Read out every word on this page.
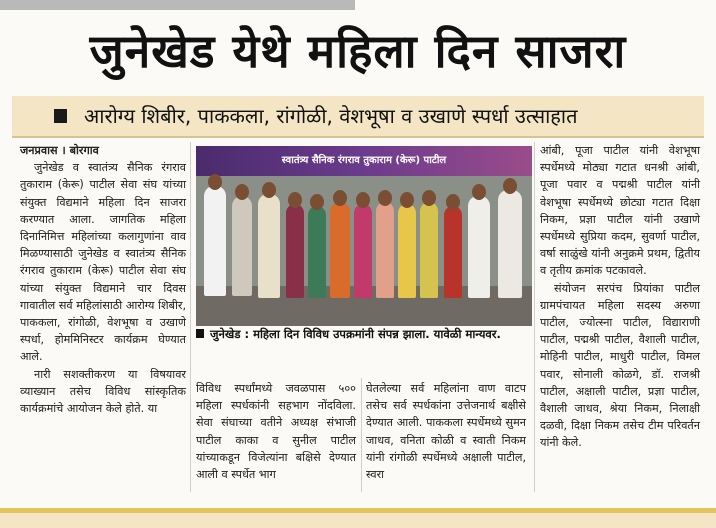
जुनेखेड येथे महिला दिन साजरा
आरोग्य शिबीर, पाककला, रांगोळी, वेशभूषा व उखाणे स्पर्धा उत्साहात

जनप्रवास । बोरगाव

जुनेखेड व स्वातंत्र्य सैनिक रंगराव तुकाराम (केरू) पाटील सेवा संघ यांच्या संयुक्त विद्यमाने महिला दिन साजरा करण्यात आला. जागतिक महिला दिनानिमित्त महिलांच्या कलागुणांना वाव मिळण्यासाठी जुनेखेड व स्वातंत्र्य सैनिक रंगराव तुकाराम (केरू) पाटील सेवा संघ यांच्या संयुक्त विद्यमाने चार दिवस गावातील सर्व महिलांसाठी आरोग्य शिबीर, पाककला, रांगोळी, वेशभूषा व उखाणे स्पर्धा, होममिनिस्टर कार्यक्रम घेण्यात आले.

नारी सशक्तीकरण या विषयावर व्याख्यान तसेच विविध सांस्कृतिक कार्यक्रमांचे आयोजन केले होते. या

स्वातंत्र्य सैनिक रंगराव तुकाराम (केरू) पाटील
जुनेखेड : महिला दिन विविध उपक्रमांनी संपन्न झाला. यावेळी मान्यवर.

विविध स्पर्धांमध्ये जवळपास ५०० महिला स्पर्धकांनी सहभाग नोंदविला. सेवा संघाच्या वतीने अध्यक्ष संभाजी पाटील काका व सुनील पाटील यांच्याकडून विजेत्यांना बक्षिसे देण्यात आली व स्पर्धेत भाग

घेतलेल्या सर्व महिलांना वाण वाटप तसेच सर्व स्पर्धकांना उत्तेजनार्थ बक्षीसे देण्यात आली. पाककला स्पर्धेमध्ये सुमन जाधव, वनिता कोळी व स्वाती निकम यांनी रांगोळी स्पर्धेमध्ये अक्षाली पाटील, स्वरा

आंबी, पूजा पाटील यांनी वेशभूषा स्पर्धेमध्ये मोठ्या गटात धनश्री आंबी, पूजा पवार व पद्मश्री पाटील यांनी वेशभूषा स्पर्धेमध्ये छोट्या गटात दिक्षा निकम, प्रज्ञा पाटील यांनी उखाणे स्पर्धेमध्ये सुप्रिया कदम, सुवर्णा पाटील, वर्षा साळुंखे यांनी अनुक्रमे प्रथम, द्वितीय व तृतीय क्रमांक पटकावले.

संयोजन सरपंच प्रियांका पाटील ग्रामपंचायत महिला सदस्य अरुणा पाटील, ज्योत्स्ना पाटील, विद्याराणी पाटील, पद्मश्री पाटील, वैशाली पाटील, मोहिनी पाटील, माधुरी पाटील, विमल पवार, सोनाली कोळगे, डॉ. राजश्री पाटील, अक्षाली पाटील, प्रज्ञा पाटील, वैशाली जाधव, श्रेया निकम, निलाक्षी दळवी, दिक्षा निकम तसेच टीम परिवर्तन यांनी केले.
